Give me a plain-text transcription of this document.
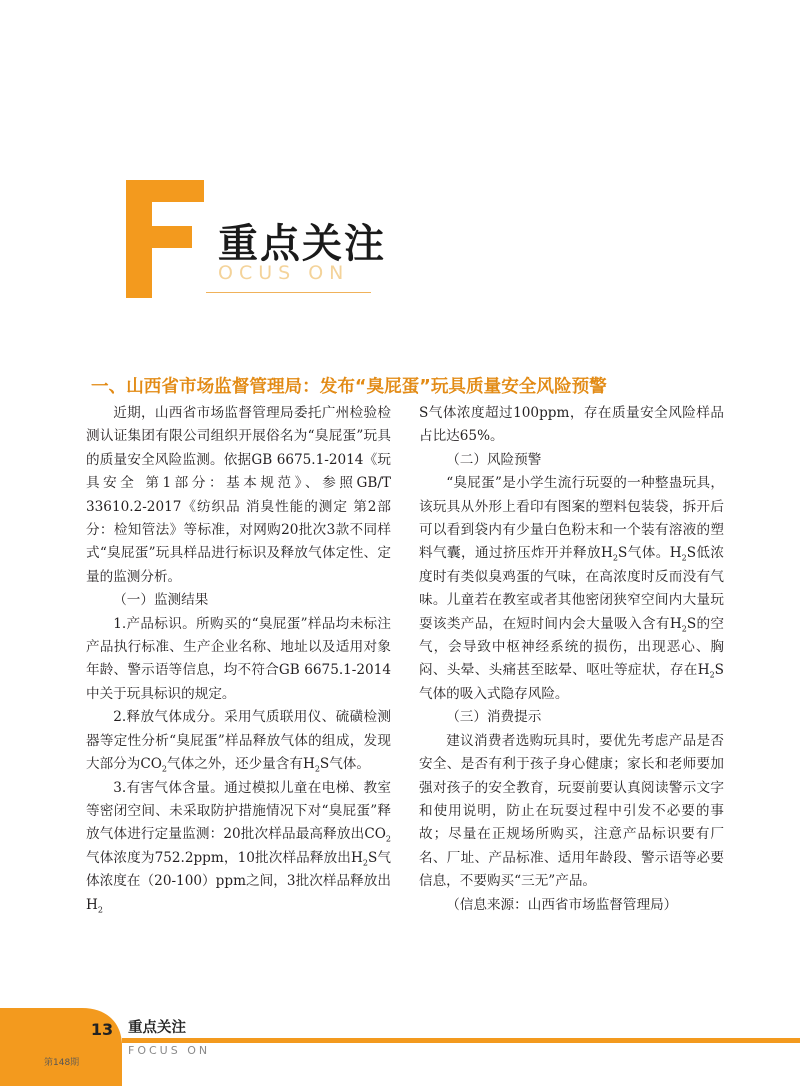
重点关注
OCUS ON
一、山西省市场监督管理局：发布“臭屁蛋”玩具质量安全风险预警

近期，山西省市场监督管理局委托广州检验检测认证集团有限公司组织开展俗名为“臭屁蛋”玩具的质量安全风险监测。依据GB 6675.1-2014《玩具安全 第1部分：基本规范》、参照GB/T 33610.2-2017《纺织品 消臭性能的测定 第2部分：检知管法》等标准，对网购20批次3款不同样式“臭屁蛋”玩具样品进行标识及释放气体定性、定量的监测分析。

（一）监测结果

1.产品标识。所购买的“臭屁蛋”样品均未标注产品执行标准、生产企业名称、地址以及适用对象年龄、警示语等信息，均不符合GB 6675.1-2014中关于玩具标识的规定。

2.释放气体成分。采用气质联用仪、硫磺检测器等定性分析“臭屁蛋”样品释放气体的组成，发现大部分为$CO_2$气体之外，还少量含有$H_2S$气体。

3.有害气体含量。通过模拟儿童在电梯、教室等密闭空间、未采取防护措施情况下对“臭屁蛋”释放气体进行定量监测：20批次样品最高释放出$CO_2$气体浓度为752.2ppm，10批次样品释放出$H_2S$气体浓度在（20-100）ppm之间，3批次样品释放出$H_2$

S气体浓度超过100ppm，存在质量安全风险样品占比达65%。

（二）风险预警

“臭屁蛋”是小学生流行玩耍的一种整蛊玩具，该玩具从外形上看印有图案的塑料包装袋，拆开后可以看到袋内有少量白色粉末和一个装有溶液的塑料气囊，通过挤压炸开并释放$H_2S$气体。$H_2S$低浓度时有类似臭鸡蛋的气味，在高浓度时反而没有气味。儿童若在教室或者其他密闭狭窄空间内大量玩耍该类产品，在短时间内会大量吸入含有$H_2S$的空气，会导致中枢神经系统的损伤，出现恶心、胸闷、头晕、头痛甚至眩晕、呕吐等症状，存在$H_2S$气体的吸入式隐存风险。

（三）消费提示

建议消费者选购玩具时，要优先考虑产品是否安全、是否有利于孩子身心健康；家长和老师要加强对孩子的安全教育，玩耍前要认真阅读警示文字和使用说明，防止在玩耍过程中引发不必要的事故；尽量在正规场所购买，注意产品标识要有厂名、厂址、产品标准、适用年龄段、警示语等必要信息，不要购买“三无”产品。

（信息来源：山西省市场监督管理局）

13
第148期
重点关注
FOCUS ON
